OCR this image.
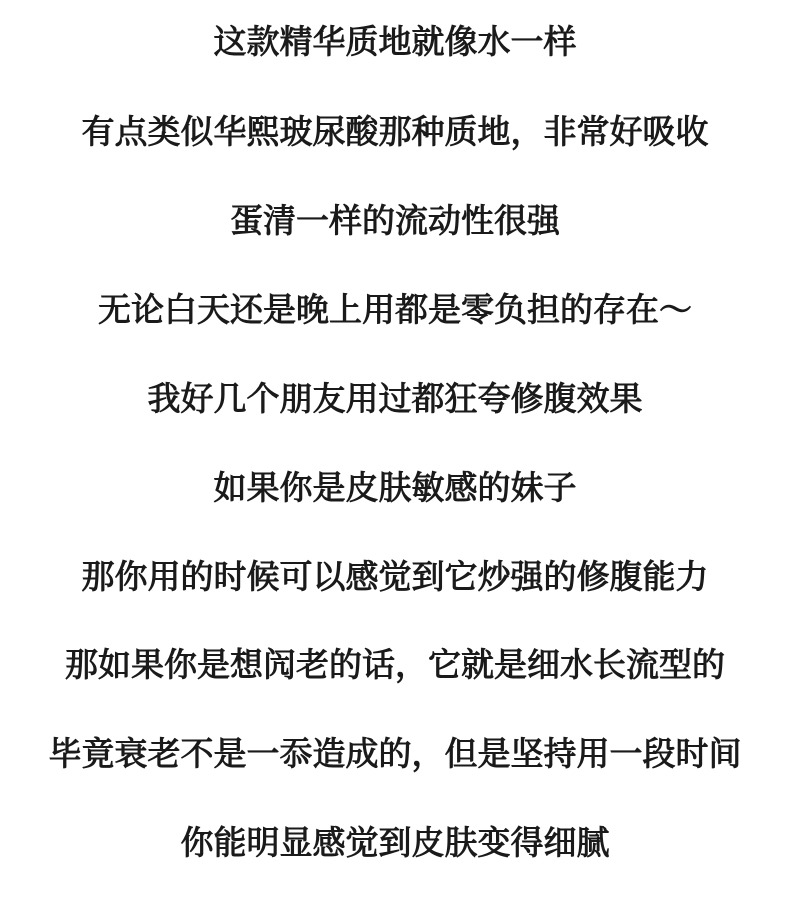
这款精华质地就像水一样
有点类似华熙玻尿酸那种质地，非常好吸收
蛋清一样的流动性很强
无论白天还是晚上用都是零负担的存在～
我好几个朋友用过都狂夸修腹效果
如果你是皮肤敏感的妹子
那你用的时候可以感觉到它炒强的修腹能力
那如果你是想闶老的话，它就是细水长流型的
毕竟衰老不是一忝造成的，但是坚持用一段时间
你能明显感觉到皮肤变得细腻
